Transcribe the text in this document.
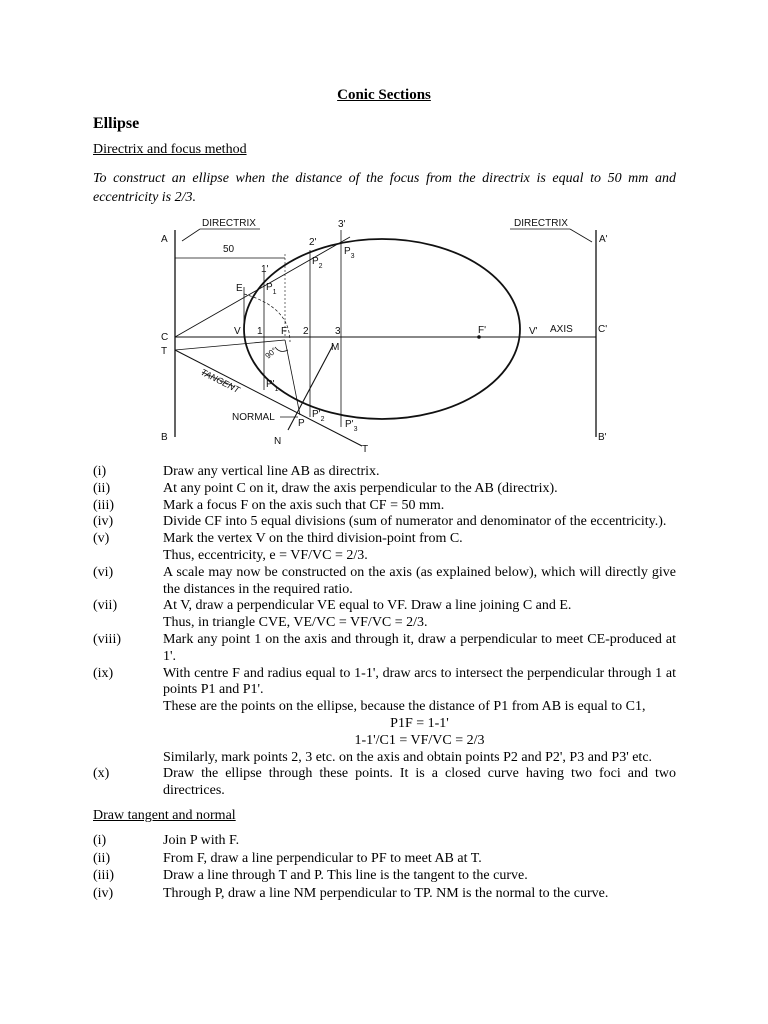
Conic Sections
Ellipse
Directrix and focus method
To construct an ellipse when the distance of the focus from the directrix is equal to 50 mm and eccentricity is 2/3.
DIRECTRIX	DIRECTRIX
50
A
C
T
B
A'
C'
B'
E
V 1 F 2	3	F'	V' AXIS
M
1'
2'
3'
$P_1$
$P_2$
$P_3$
$P'_1$
$P'_2$ $P'_3$
P
N
T
TANGENT
NORMAL
90°
(i)	Draw any vertical line AB as directrix.
(ii)	At any point C on it, draw the axis perpendicular to the AB (directrix).
(iii)	Mark a focus F on the axis such that CF = 50 mm.
(iv)	Divide CF into 5 equal divisions (sum of numerator and denominator of the eccentricity.).
(v)	Mark the vertex V on the third division-point from C.
Thus, eccentricity, e = VF/VC = 2/3.
(vi)	A scale may now be constructed on the axis (as explained below), which will directly give the distances in the required ratio.
(vii)	At V, draw a perpendicular VE equal to VF. Draw a line joining C and E.
Thus, in triangle CVE, VE/VC = VF/VC = 2/3.
(viii)	Mark any point 1 on the axis and through it, draw a perpendicular to meet CE-produced at 1'.
(ix)	With centre F and radius equal to 1-1', draw arcs to intersect the perpendicular through 1 at points P1 and P1'.
These are the points on the ellipse, because the distance of P1 from AB is equal to C1,
P1F = 1-1'
1-1'/C1 = VF/VC = 2/3
Similarly, mark points 2, 3 etc. on the axis and obtain points P2 and P2', P3 and P3' etc.
(x)	Draw the ellipse through these points. It is a closed curve having two foci and two directrices.
Draw tangent and normal
(i)	Join P with F.
(ii)	From F, draw a line perpendicular to PF to meet AB at T.
(iii)	Draw a line through T and P. This line is the tangent to the curve.
(iv)	Through P, draw a line NM perpendicular to TP. NM is the normal to the curve.
